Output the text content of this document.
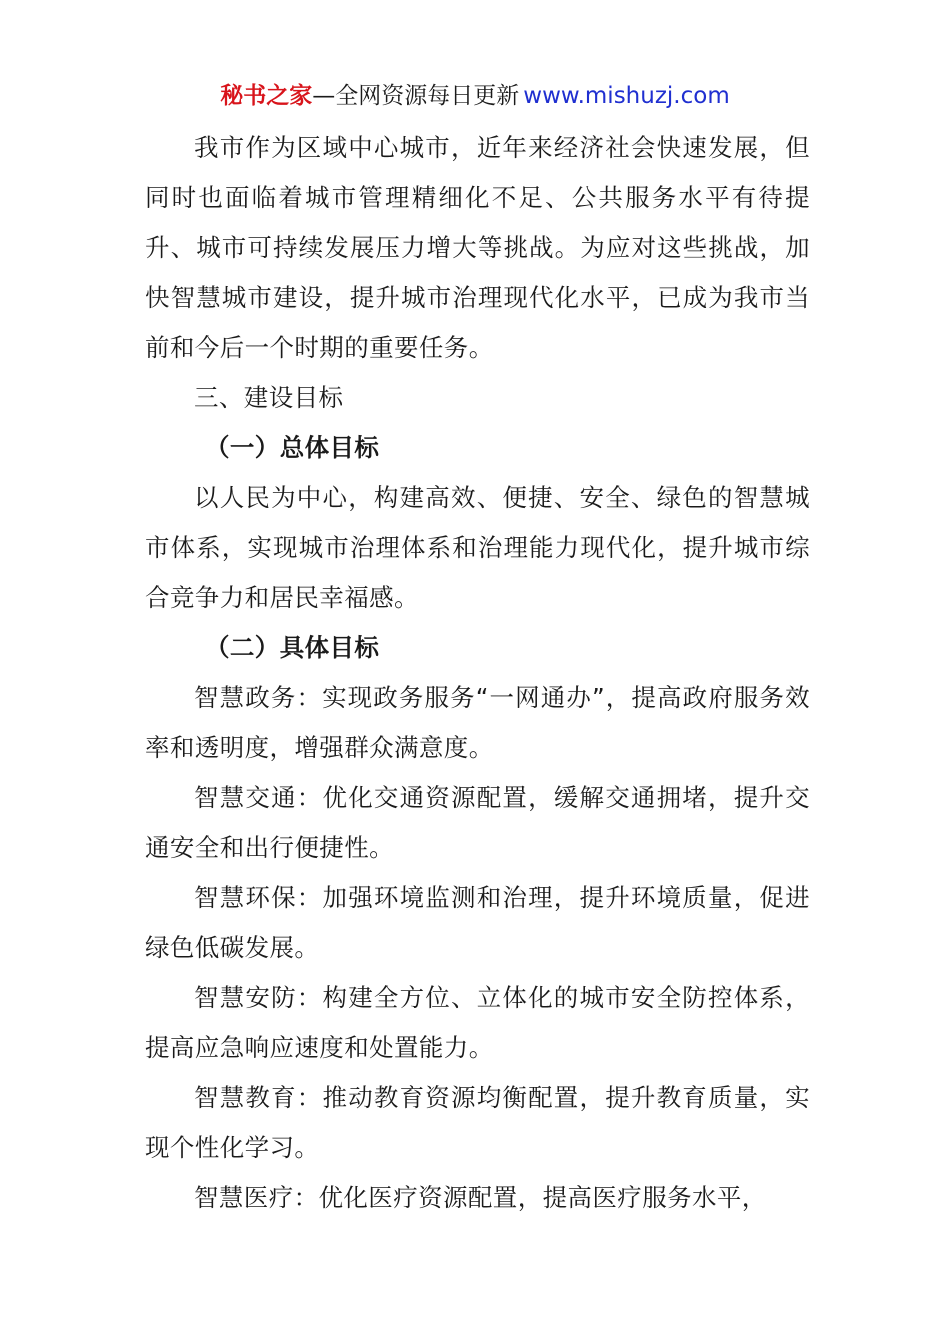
秘书之家—全网资源每日更新 www.mishuzj.com

我市作为区域中心城市，近年来经济社会快速发展，但同时也面临着城市管理精细化不足、公共服务水平有待提升、城市可持续发展压力增大等挑战。为应对这些挑战，加快智慧城市建设，提升城市治理现代化水平，已成为我市当前和今后一个时期的重要任务。

三、建设目标

（一）总体目标

以人民为中心，构建高效、便捷、安全、绿色的智慧城市体系，实现城市治理体系和治理能力现代化，提升城市综合竞争力和居民幸福感。

（二）具体目标

智慧政务：实现政务服务“一网通办”，提高政府服务效率和透明度，增强群众满意度。

智慧交通：优化交通资源配置，缓解交通拥堵，提升交通安全和出行便捷性。

智慧环保：加强环境监测和治理，提升环境质量，促进绿色低碳发展。

智慧安防：构建全方位、立体化的城市安全防控体系，提高应急响应速度和处置能力。

智慧教育：推动教育资源均衡配置，提升教育质量，实现个性化学习。

智慧医疗：优化医疗资源配置，提高医疗服务水平，
